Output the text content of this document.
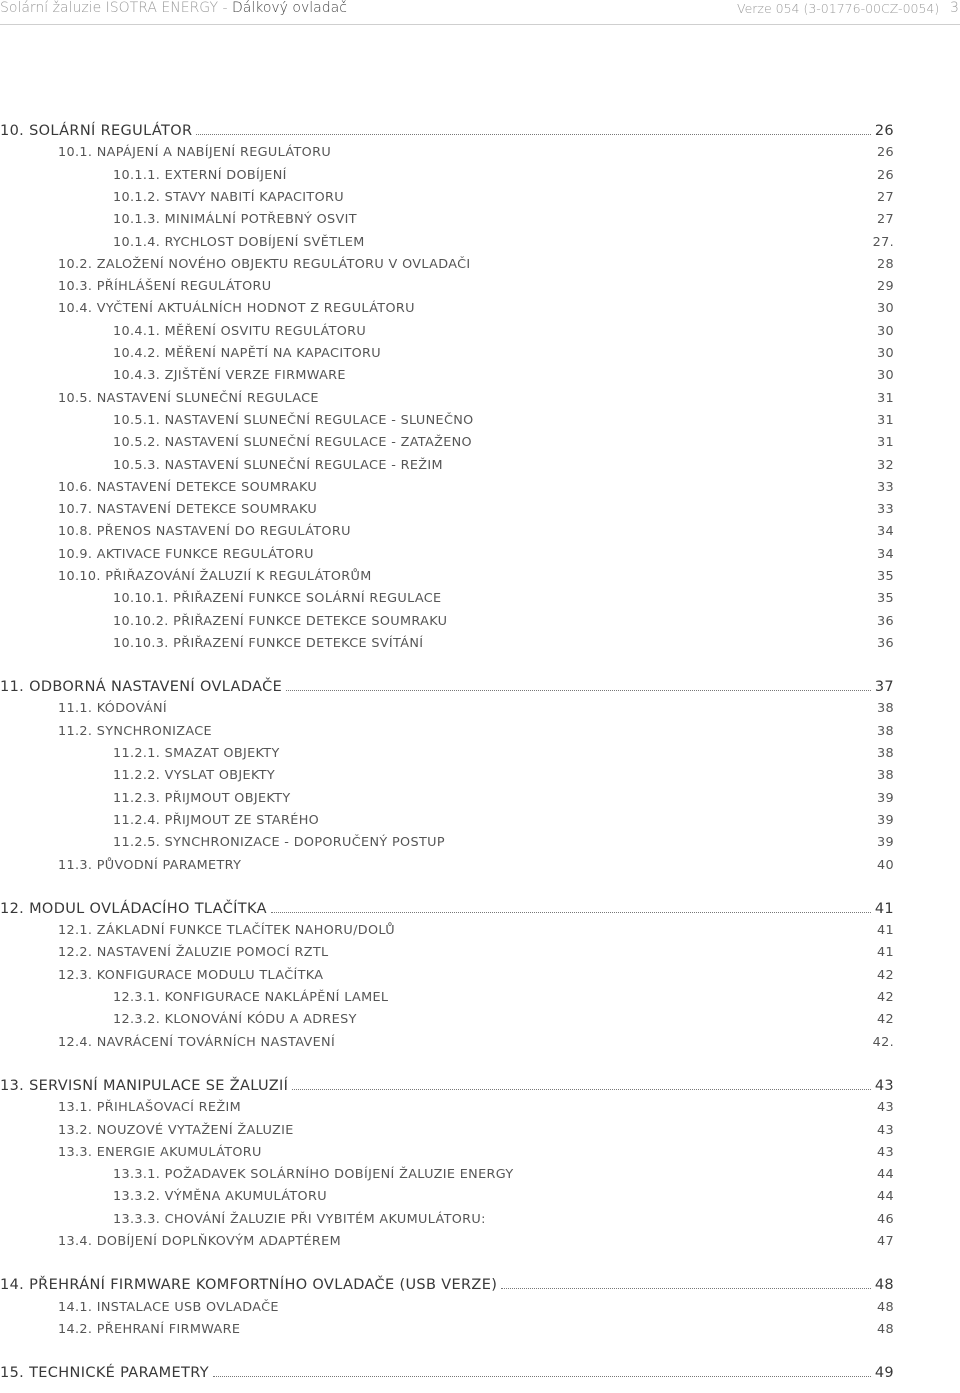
Solární žaluzie ISOTRA ENERGY - Dálkový ovladač	Verze 054 (3-01776-00CZ-0054) 3
10. SOLÁRNÍ REGULÁTOR	26
10.1. NAPÁJENÍ A NABÍJENÍ REGULÁTORU	26
10.1.1. EXTERNÍ DOBÍJENÍ	26
10.1.2. STAVY NABITÍ KAPACITORU	27
10.1.3. MINIMÁLNÍ POTŘEBNÝ OSVIT	27
10.1.4. RYCHLOST DOBÍJENÍ SVĚTLEM	27.
10.2. ZALOŽENÍ NOVÉHO OBJEKTU REGULÁTORU V OVLADAČI	28
10.3. PŘÍHLÁŠENÍ REGULÁTORU	29
10.4. VYČTENÍ AKTUÁLNÍCH HODNOT Z REGULÁTORU	30
10.4.1. MĚŘENÍ OSVITU REGULÁTORU	30
10.4.2. MĚŘENÍ NAPĚTÍ NA KAPACITORU	30
10.4.3. ZJIŠTĚNÍ VERZE FIRMWARE	30
10.5. NASTAVENÍ SLUNEČNÍ REGULACE	31
10.5.1. NASTAVENÍ SLUNEČNÍ REGULACE - SLUNEČNO	31
10.5.2. NASTAVENÍ SLUNEČNÍ REGULACE - ZATAŽENO	31
10.5.3. NASTAVENÍ SLUNEČNÍ REGULACE - REŽIM	32
10.6. NASTAVENÍ DETEKCE SOUMRAKU	33
10.7. NASTAVENÍ DETEKCE SOUMRAKU	33
10.8. PŘENOS NASTAVENÍ DO REGULÁTORU	34
10.9. AKTIVACE FUNKCE REGULÁTORU	34
10.10. PŘIŘAZOVÁNÍ ŽALUZIÍ K REGULÁTORŮM	35
10.10.1. PŘIŘAZENÍ FUNKCE SOLÁRNÍ REGULACE	35
10.10.2. PŘIŘAZENÍ FUNKCE DETEKCE SOUMRAKU	36
10.10.3. PŘIŘAZENÍ FUNKCE DETEKCE SVÍTÁNÍ	36
11. ODBORNÁ NASTAVENÍ OVLADAČE	37
11.1. KÓDOVÁNÍ	38
11.2. SYNCHRONIZACE	38
11.2.1. SMAZAT OBJEKTY	38
11.2.2. VYSLAT OBJEKTY	38
11.2.3. PŘIJMOUT OBJEKTY	39
11.2.4. PŘIJMOUT ZE STARÉHO	39
11.2.5. SYNCHRONIZACE - DOPORUČENÝ POSTUP	39
11.3. PŮVODNÍ PARAMETRY	40
12. MODUL OVLÁDACÍHO TLAČÍTKA	41
12.1. ZÁKLADNÍ FUNKCE TLAČÍTEK NAHORU/DOLŮ	41
12.2. NASTAVENÍ ŽALUZIE POMOCÍ RZTL	41
12.3. KONFIGURACE MODULU TLAČÍTKA	42
12.3.1. KONFIGURACE NAKLÁPĚNÍ LAMEL	42
12.3.2. KLONOVÁNÍ KÓDU A ADRESY	42
12.4. NAVRÁCENÍ TOVÁRNÍCH NASTAVENÍ	42.
13. SERVISNÍ MANIPULACE SE ŽALUZIÍ	43
13.1. PŘIHLAŠOVACÍ REŽIM	43
13.2. NOUZOVÉ VYTAŽENÍ ŽALUZIE	43
13.3. ENERGIE AKUMULÁTORU	43
13.3.1. POŽADAVEK SOLÁRNÍHO DOBÍJENÍ ŽALUZIE ENERGY	44
13.3.2. VÝMĚNA AKUMULÁTORU	44
13.3.3. CHOVÁNÍ ŽALUZIE PŘI VYBITÉM AKUMULÁTORU:	46
13.4. DOBÍJENÍ DOPLŇKOVÝM ADAPTÉREM	47
14. PŘEHRÁNÍ FIRMWARE KOMFORTNÍHO OVLADAČE (USB VERZE)	48
14.1. INSTALACE USB OVLADAČE	48
14.2. PŘEHRANÍ FIRMWARE	48
15. TECHNICKÉ PARAMETRY	49
